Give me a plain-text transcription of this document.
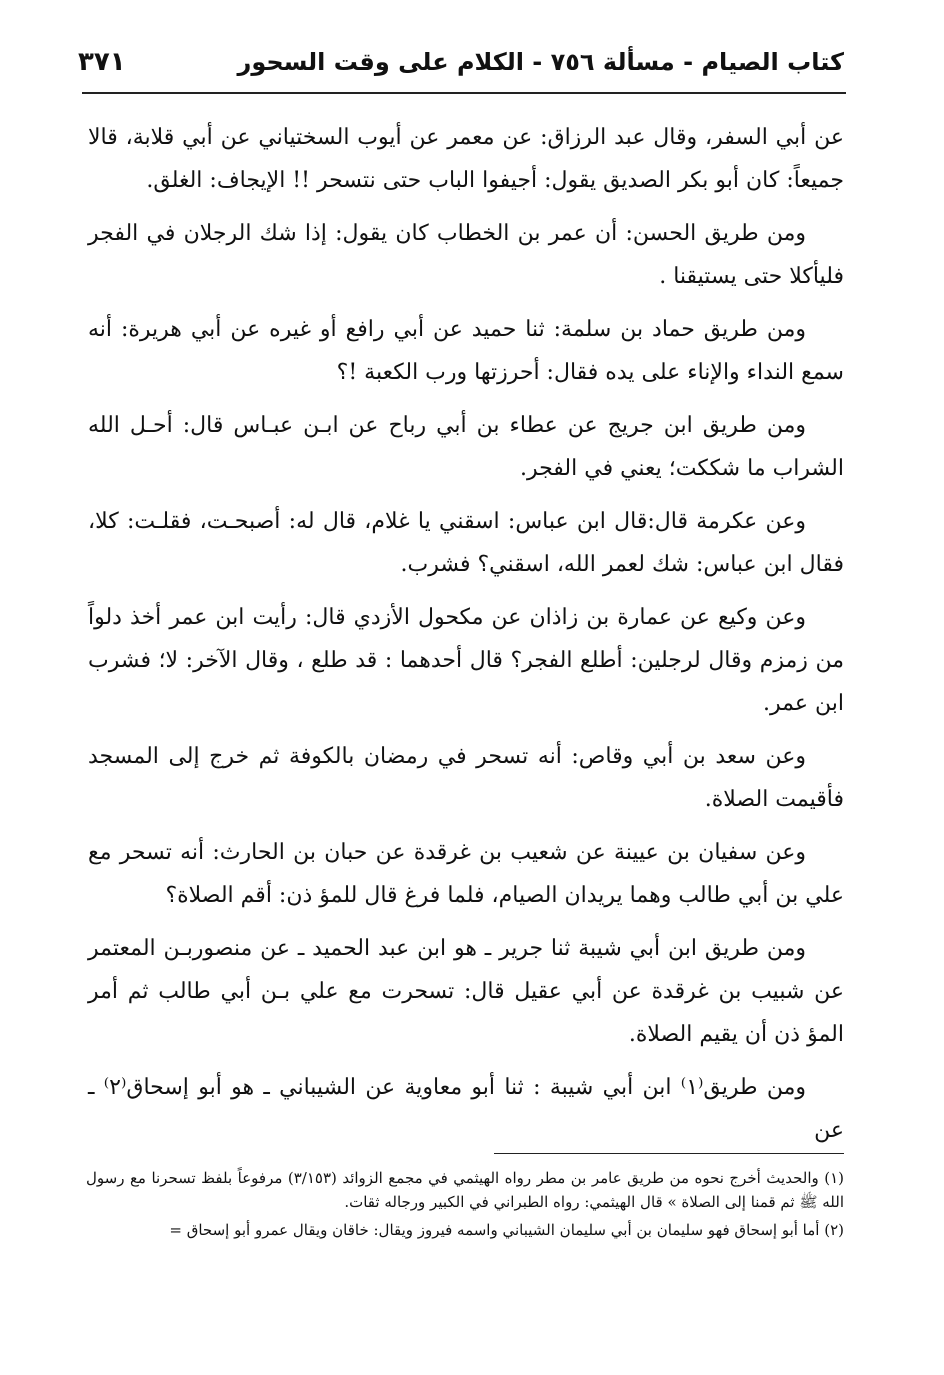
كتاب الصيام - مسألة ٧٥٦ - الكلام على وقت السحور
٣٧١

عن أبي السفر، وقال عبد الرزاق: عن معمر عن أيوب السختياني عن أبي قلابة، قالا جميعاً: كان أبو بكر الصديق يقول: أجيفوا الباب حتى نتسحر !! الإيجاف: الغلق.

ومن طريق الحسن: أن عمر بن الخطاب كان يقول: إذا شك الرجلان في الفجر فليأكلا حتى يستيقنا .

ومن طريق حماد بن سلمة: ثنا حميد عن أبي رافع أو غيره عن أبي هريرة: أنه سمع النداء والإناء على يده فقال: أحرزتها ورب الكعبة !؟

ومن طريق ابن جريج عن عطاء بن أبي رباح عن ابـن عبـاس قال: أحـل الله الشراب ما شككت؛ يعني في الفجر.

وعن عكرمة قال:قال ابن عباس: اسقني يا غلام، قال له: أصبحـت، فقلـت: كلا، فقال ابن عباس: شك لعمر الله، اسقني؟ فشرب.

وعن وكيع عن عمارة بن زاذان عن مكحول الأزدي قال: رأيت ابن عمر أخذ دلواً من زمزم وقال لرجلين: أطلع الفجر؟ قال أحدهما : قد طلع ، وقال الآخر: لا؛ فشرب ابن عمر.

وعن سعد بن أبي وقاص: أنه تسحر في رمضان بالكوفة ثم خرج إلى المسجد فأقيمت الصلاة.

وعن سفيان بن عيينة عن شعيب بن غرقدة عن حبان بن الحارث: أنه تسحر مع علي بن أبي طالب وهما يريدان الصيام، فلما فرغ قال للمؤ ذن: أقم الصلاة؟

ومن طريق ابن أبي شيبة ثنا جرير ـ هو ابن عبد الحميد ـ عن منصوربـن المعتمر عن شبيب بن غرقدة عن أبي عقيل قال: تسحرت مع علي بـن أبي طالب ثم أمر المؤ ذن أن يقيم الصلاة.

ومن طريق⁽١⁾ ابن أبي شيبة : ثنا أبو معاوية عن الشيباني ـ هو أبو إسحاق⁽٢⁾ ـ عن

(١) والحديث أخرج نحوه من طريق عامر بن مطر رواه الهيثمي في مجمع الزوائد (٣/١٥٣) مرفوعاً بلفظ تسحرنا مع رسول الله ﷺ ثم قمنا إلى الصلاة » قال الهيثمي: رواه الطبراني في الكبير ورجاله ثقات.

(٢) أما أبو إسحاق فهو سليمان بن أبي سليمان الشيباني واسمه فيروز ويقال: خاقان ويقال عمرو أبو إسحاق =
